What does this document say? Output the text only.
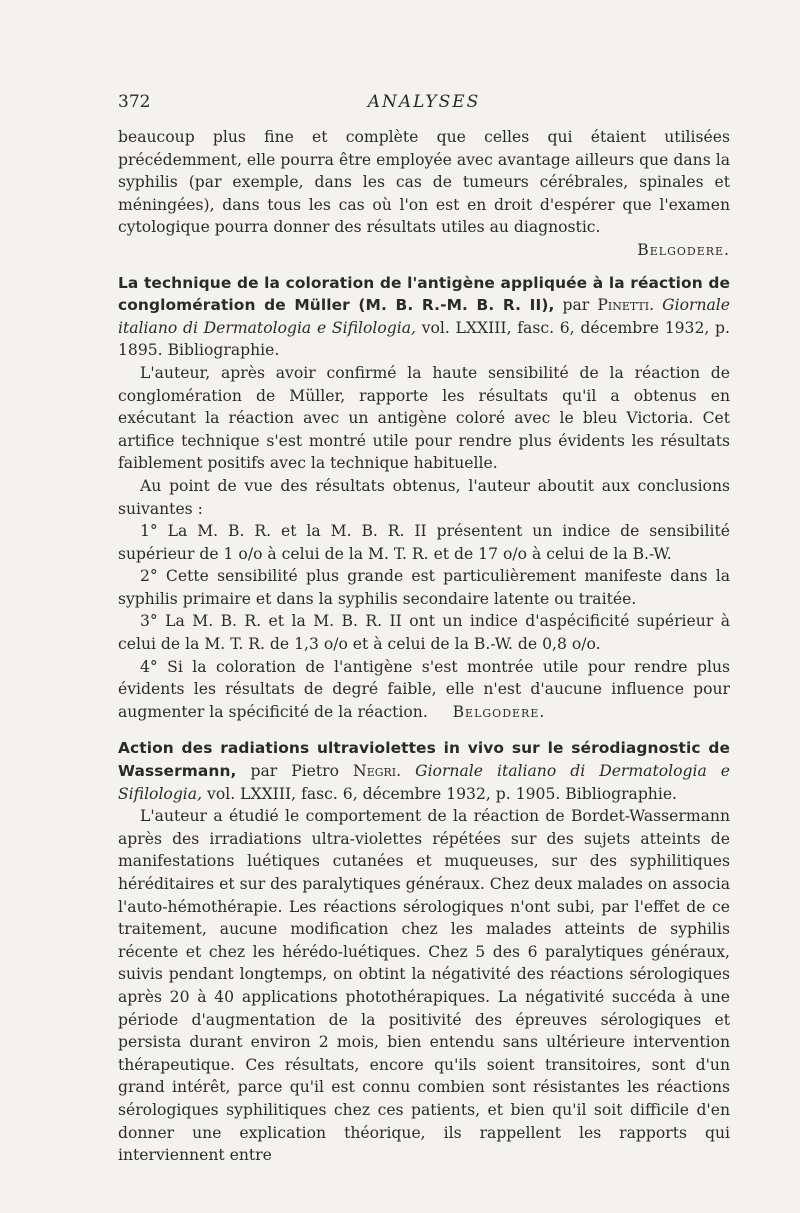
372	ANALYSES

beaucoup plus fine et complète que celles qui étaient utilisées précédemment, elle pourra être employée avec avantage ailleurs que dans la syphilis (par exemple, dans les cas de tumeurs cérébrales, spinales et méningées), dans tous les cas où l'on est en droit d'espérer que l'examen cytologique pourra donner des résultats utiles au diagnostic.

Belgodere.
La technique de la coloration de l'antigène appliquée à la réaction de conglomération de Müller (M. B. R.-M. B. R. II), par Pinetti. Giornale italiano di Dermatologia e Sifilologia, vol. LXXIII, fasc. 6, décembre 1932, p. 1895. Bibliographie.

L'auteur, après avoir confirmé la haute sensibilité de la réaction de conglomération de Müller, rapporte les résultats qu'il a obtenus en exécutant la réaction avec un antigène coloré avec le bleu Victoria. Cet artifice technique s'est montré utile pour rendre plus évidents les résultats faiblement positifs avec la technique habituelle.

Au point de vue des résultats obtenus, l'auteur aboutit aux conclusions suivantes :

1° La M. B. R. et la M. B. R. II présentent un indice de sensibilité supérieur de 1 o/o à celui de la M. T. R. et de 17 o/o à celui de la B.-W.

2° Cette sensibilité plus grande est particulièrement manifeste dans la syphilis primaire et dans la syphilis secondaire latente ou traitée.

3° La M. B. R. et la M. B. R. II ont un indice d'aspécificité supérieur à celui de la M. T. R. de 1,3 o/o et à celui de la B.-W. de 0,8 o/o.

4° Si la coloration de l'antigène s'est montrée utile pour rendre plus évidents les résultats de degré faible, elle n'est d'aucune influence pour augmenter la spécificité de la réaction. Belgodere.

Action des radiations ultraviolettes in vivo sur le sérodiagnostic de Wassermann, par Pietro Negri. Giornale italiano di Dermatologia e Sifilologia, vol. LXXIII, fasc. 6, décembre 1932, p. 1905. Bibliographie.

L'auteur a étudié le comportement de la réaction de Bordet-Wassermann après des irradiations ultra-violettes répétées sur des sujets atteints de manifestations luétiques cutanées et muqueuses, sur des syphilitiques héréditaires et sur des paralytiques généraux. Chez deux malades on associa l'auto-hémothérapie. Les réactions sérologiques n'ont subi, par l'effet de ce traitement, aucune modification chez les malades atteints de syphilis récente et chez les hérédo-luétiques. Chez 5 des 6 paralytiques généraux, suivis pendant longtemps, on obtint la négativité des réactions sérologiques après 20 à 40 applications photothérapiques. La négativité succéda à une période d'augmentation de la positivité des épreuves sérologiques et persista durant environ 2 mois, bien entendu sans ultérieure intervention thérapeutique. Ces résultats, encore qu'ils soient transitoires, sont d'un grand intérêt, parce qu'il est connu combien sont résistantes les réactions sérologiques syphilitiques chez ces patients, et bien qu'il soit difficile d'en donner une explication théorique, ils rappellent les rapports qui interviennent entre
